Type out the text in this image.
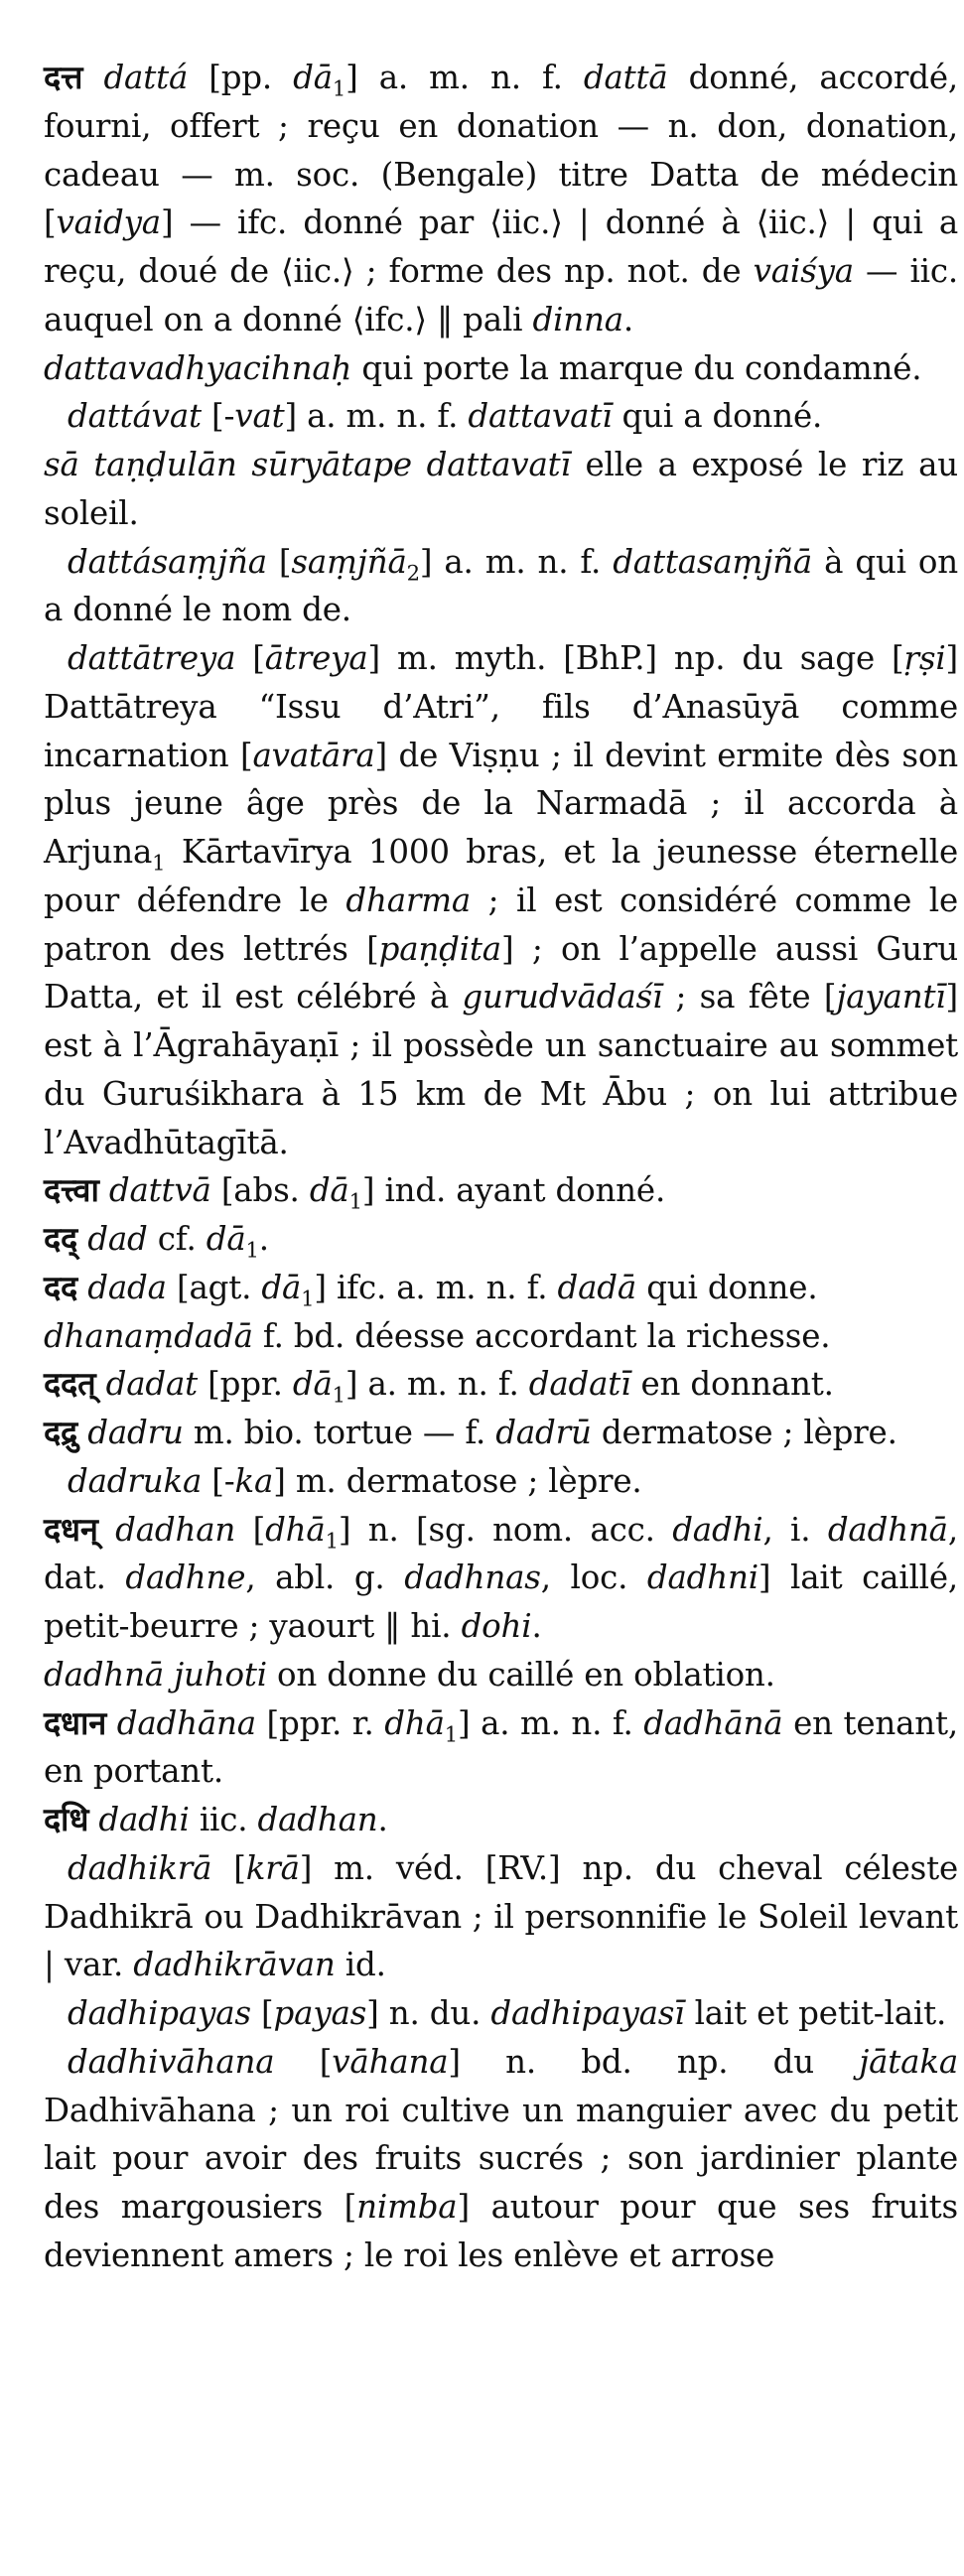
दत्त dattá [pp. $dā_1$] a. m. n. f. dattā donné, accordé, fourni, offert ; reçu en donation — n. don, donation, cadeau — m. soc. (Bengale) titre Datta de médecin [vaidya] — ifc. donné par ⟨iic.⟩ | donné à ⟨iic.⟩ | qui a reçu, doué de ⟨iic.⟩ ; forme des np. not. de vaiśya — iic. auquel on a donné ⟨ifc.⟩ ‖ pali dinna.

dattavadhyacihnaḥ qui porte la marque du condamné.

dattávat [-vat] a. m. n. f. dattavatī qui a donné.

sā taṇḍulān sūryātape dattavatī elle a exposé le riz au soleil.

dattásaṃjña [saṃjñā$_2$] a. m. n. f. dattasaṃjñā à qui on a donné le nom de.

dattātreya [ātreya] m. myth. [BhP.] np. du sage [ṛṣi] Dattātreya “Issu d’Atri”, fils d’Anasūyā comme incarnation [avatāra] de Viṣṇu ; il devint ermite dès son plus jeune âge près de la Narmadā ; il accorda à Arjuna$_1$ Kārtavīrya 1000 bras, et la jeunesse éternelle pour défendre le dharma ; il est considéré comme le patron des lettrés [paṇḍita] ; on l’appelle aussi Guru Datta, et il est célébré à gurudvādaśī ; sa fête [jayantī] est à l’Āgrahāyaṇī ; il possède un sanctuaire au sommet du Guruśikhara à 15 km de Mt Ābu ; on lui attribue l’Avadhūtagītā.

दत्त्वा dattvā [abs. $dā_1$] ind. ayant donné.

दद् dad cf. $dā_1$.

दद dada [agt. $dā_1$] ifc. a. m. n. f. dadā qui donne.

dhanaṃdadā f. bd. déesse accordant la richesse.

ददत् dadat [ppr. $dā_1$] a. m. n. f. dadatī en donnant.

दद्रु dadru m. bio. tortue — f. dadrū dermatose ; lèpre.

dadruka [-ka] m. dermatose ; lèpre.

दधन् dadhan [dhā$_1$] n. [sg. nom. acc. dadhi, i. dadhnā, dat. dadhne, abl. g. dadhnas, loc. dadhni] lait caillé, petit-beurre ; yaourt ‖ hi. dohi.

dadhnā juhoti on donne du caillé en oblation.

दधान dadhāna [ppr. r. dhā$_1$] a. m. n. f. dadhānā en tenant, en portant.

दधि dadhi iic. dadhan.

dadhikrā [krā] m. véd. [RV.] np. du cheval céleste Dadhikrā ou Dadhikrāvan ; il personnifie le Soleil levant | var. dadhikrāvan id.

dadhipayas [payas] n. du. dadhipayasī lait et petit-lait.

dadhivāhana [vāhana] n. bd. np. du jātaka Dadhivāhana ; un roi cultive un manguier avec du petit lait pour avoir des fruits sucrés ; son jardinier plante des margousiers [nimba] autour pour que ses fruits deviennent amers ; le roi les enlève et arrose
